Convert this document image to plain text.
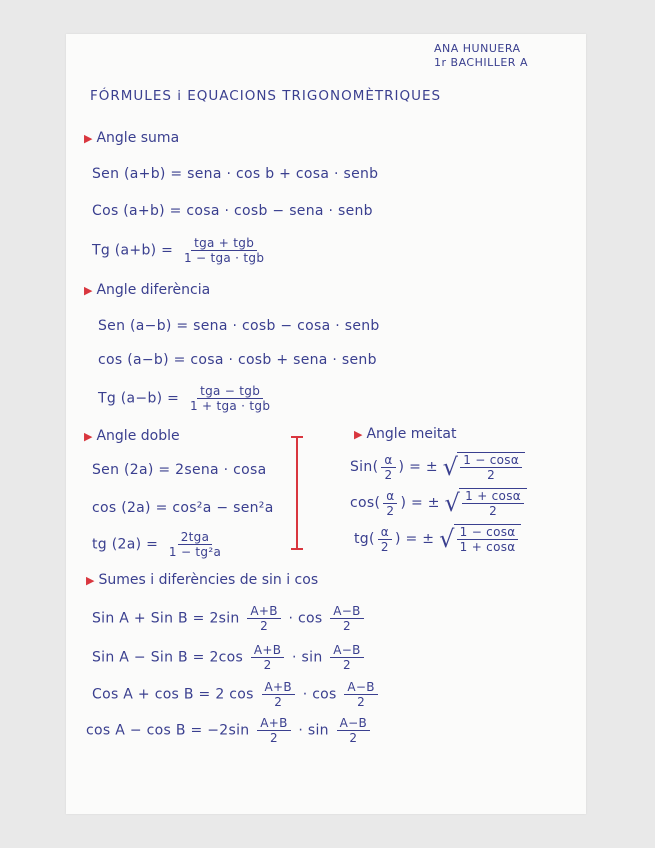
ANA HUNUERA
1r BACHILLER A
FÓRMULES i EQUACIONS TRIGONOMÈTRIQUES
▶ Angle suma
Sen (a+b) = sena · cos b + cosa · senb
Cos (a+b) = cosa · cosb − sena · senb
Tg $(a+b) = \frac{\text{tga + tgb}}{\text{1 − tga · tgb}}$
▶ Angle diferència
Sen (a−b) = sena · cosb − cosa · senb
cos (a−b) = cosa · cosb + sena · senb
Tg $(a-b) = \frac{\text{tga − tgb}}{\text{1 + tga · tgb}}$
▶ Angle doble
Sen (2a) = 2sena · cosa
cos (2a) = cos²a − sen²a
tg $(2a) = \frac{\text{2tga}}{\text{1 − tg²a}}$
▶ Angle meitat
$Sin( \frac{\alpha}{2}$ ) = ± √ $\frac{1 - \cos\alpha}{2}$
$\cos( \frac{\alpha}{2}$ ) = ± √ $\frac{1 + \cos\alpha}{2}$
$tg( \frac{\alpha}{2}$ ) = ± √ $\frac{1 - \cos\alpha}{1 + \cos\alpha}$
▶ Sumes i diferències de sin i cos
Sin A + Sin $B = 2\sin \frac{A+B}{2} \cdot \cos \frac{A-B}{2}$
Sin A − Sin $B = 2\cos \frac{A+B}{2} \cdot \sin \frac{A-B}{2}$
Cos A + cos B = 2 $\cos \frac{A+B}{2} \cdot \cos \frac{A-B}{2}$
$\cos A - \cos B = -2\sin \frac{A+B}{2} \cdot \sin \frac{A-B}{2}$
